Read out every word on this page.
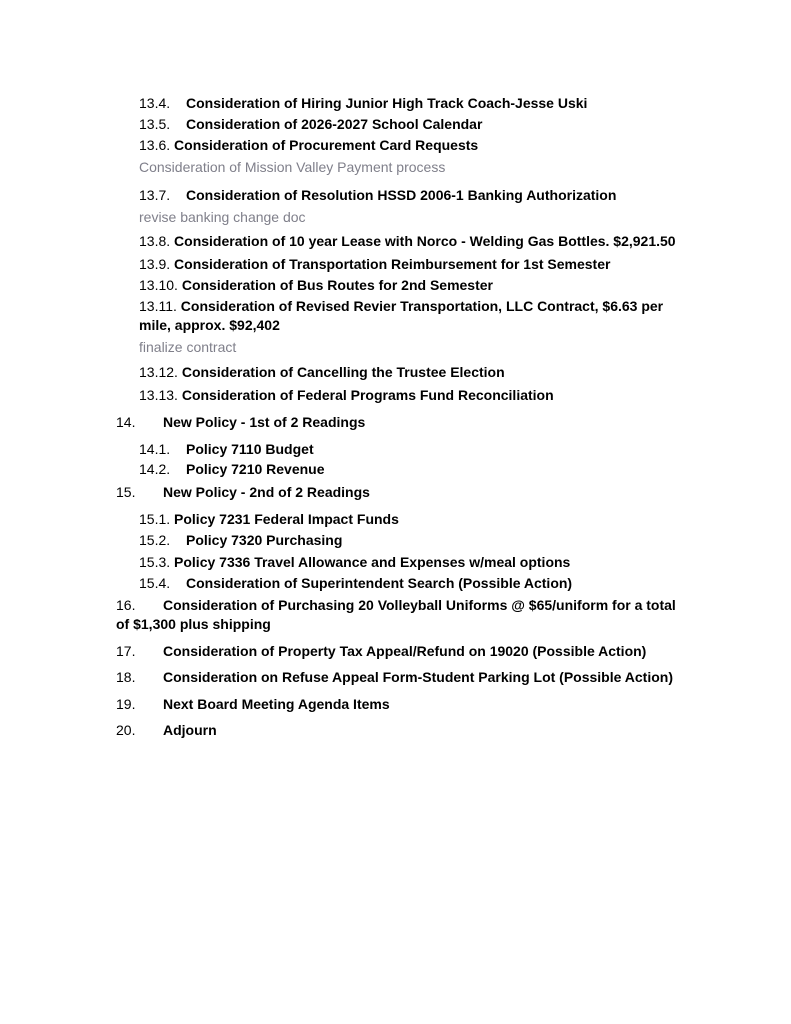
13.4. Consideration of Hiring Junior High Track Coach-Jesse Uski
13.5. Consideration of 2026-2027 School Calendar
13.6. Consideration of Procurement Card Requests
Consideration of Mission Valley Payment process
13.7. Consideration of Resolution HSSD 2006-1 Banking Authorization
revise banking change doc
13.8. Consideration of 10 year Lease with Norco - Welding Gas Bottles. $2,921.50
13.9. Consideration of Transportation Reimbursement for 1st Semester
13.10. Consideration of Bus Routes for 2nd Semester
13.11. Consideration of Revised Revier Transportation, LLC Contract, $6.63 per
mile, approx. $92,402
finalize contract
13.12. Consideration of Cancelling the Trustee Election
13.13. Consideration of Federal Programs Fund Reconciliation
14. New Policy - 1st of 2 Readings
14.1. Policy 7110 Budget
14.2. Policy 7210 Revenue
15. New Policy - 2nd of 2 Readings
15.1. Policy 7231 Federal Impact Funds
15.2. Policy 7320 Purchasing
15.3. Policy 7336 Travel Allowance and Expenses w/meal options
15.4. Consideration of Superintendent Search (Possible Action)
16. Consideration of Purchasing 20 Volleyball Uniforms @ $65/uniform for a total
of $1,300 plus shipping
17. Consideration of Property Tax Appeal/Refund on 19020 (Possible Action)
18. Consideration on Refuse Appeal Form-Student Parking Lot (Possible Action)
19. Next Board Meeting Agenda Items
20. Adjourn
